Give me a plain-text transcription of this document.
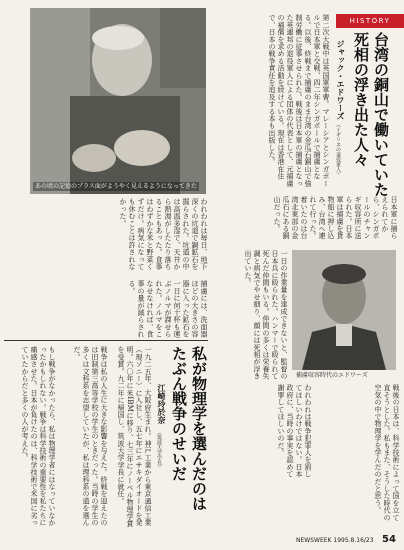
あの頃の記憶のプラス面がようやく見えるようになってきた
HISTORY
台湾の銅山で働いていた
死相の浮き出た人々
ジャック・エドワーズ
（イギリスの退役軍人）
第二次大戦中は英国軍軍曹。マレーシアとシンガポールで日本軍と交戦、四二年シンガポールで捕虜となる。以後、終戦まで捕虜のまま台湾の金瓜石銅山で強制労働に従事させられた。戦後は日本軍の捕虜となった英連邦の退役軍人による団体の代表として、元捕虜の補償を求める活動を続けている。現在は香港在住で、日本の戦争責任を追及する本も出版した。
日本軍に捕らえられてから、シンガポールのチャンギ収容所に送られた。日本軍は捕虜を貨物船に押し込み、台湾へ連れて行った。着いたのは台湾北東部の金瓜石にある銅山だった。
われわれは毎日、地下深くの坑道で銅鉱石を掘らされた。坑道の中は高温多湿で、天井から熱湯がしたたり落ちることもあった。食事はわずかな米と野菜くずだけ。病気になっても休むことは許されなかった。
捕虜収容時代のエドワーズ
一日の作業量を達成できないと、監督の日本兵に殴られた。ハンマーで殴られて死んだ仲間もいる。仲間の多くは栄養失調と病気でやせ細り、顔には死相が浮き出ていた。
捕虜には、洗面器ほどの大きさの容器に入った鉱石を一日に何十杯も運ぶノルマが課せられた。ノルマをこなせなければ、食事の量が減らされる。
われわれは戦争犯罪人を罰してほしいわけではない。日本政府に、当時の事実を認めて謝罪してほしいのだ。
私が物理学を選んだのは
たぶん戦争のせいだ
江崎玲於奈
（筑波大学学長）
一九二五年、大阪府生まれ。神戸工業から東京通信工業（現ソニー）に入社し、五七年にエサキダイオードを発明。六〇年に米IBMに移り、七三年にノーベル物理学賞を受賞。九二年に帰国し、筑波大学学長に就任。
戦争は私の人生に大きな影響を与えた。終戦を迎えたのは旧制第三高等学校の学生のときだった。当時の学生の多くは文科系を志望していたが、私は理科系の道を選んだ。
もし戦争がなかったら、私は物理学者にはなっていなかったかもしれない。戦争は科学技術の重要性を私たちに痛感させた。日本が負けたのは、科学技術で米国に劣っていたからだと多くの人が考えた。	戦後の日本は、科学技術によって国を立て直そうとした。私もまた、そうした時代の空気の中で物理学を学んだのだと思う。
NEWSWEEK 1995.8.16/23 54
